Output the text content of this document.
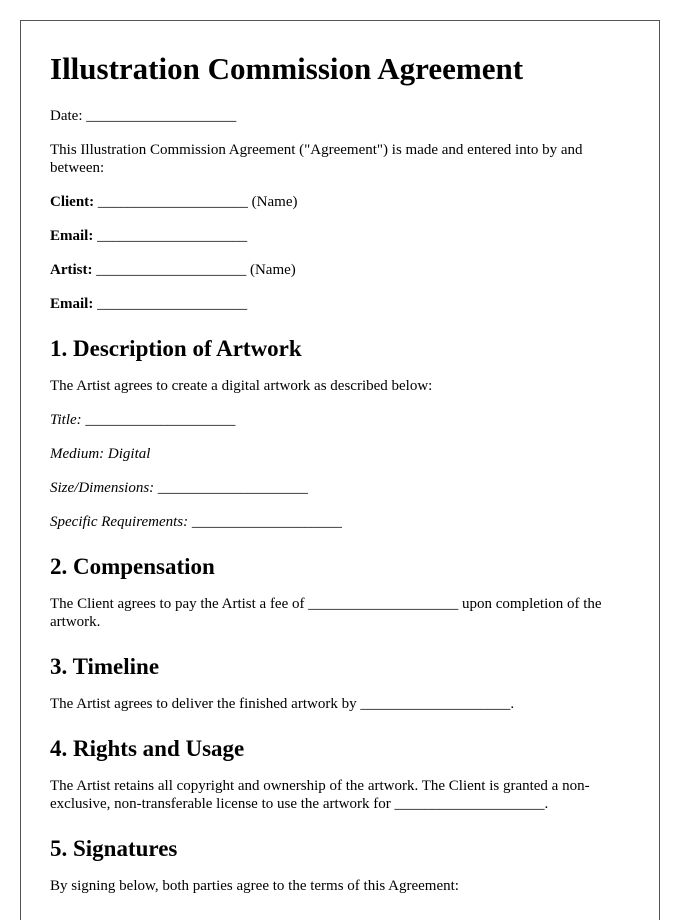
Illustration Commission Agreement
Date: ____________________

This Illustration Commission Agreement ("Agreement") is made and entered into by and between:

Client: ____________________ (Name)
Email: ____________________
Artist: ____________________ (Name)
Email: ____________________
1. Description of Artwork

The Artist agrees to create a digital artwork as described below:

Title: ____________________
Medium: Digital
Size/Dimensions: ____________________
Specific Requirements: ____________________
2. Compensation

The Client agrees to pay the Artist a fee of ____________________ upon completion of the artwork.

3. Timeline

The Artist agrees to deliver the finished artwork by ____________________.

4. Rights and Usage

The Artist retains all copyright and ownership of the artwork. The Client is granted a non-exclusive, non-transferable license to use the artwork for ____________________.

5. Signatures

By signing below, both parties agree to the terms of this Agreement:
